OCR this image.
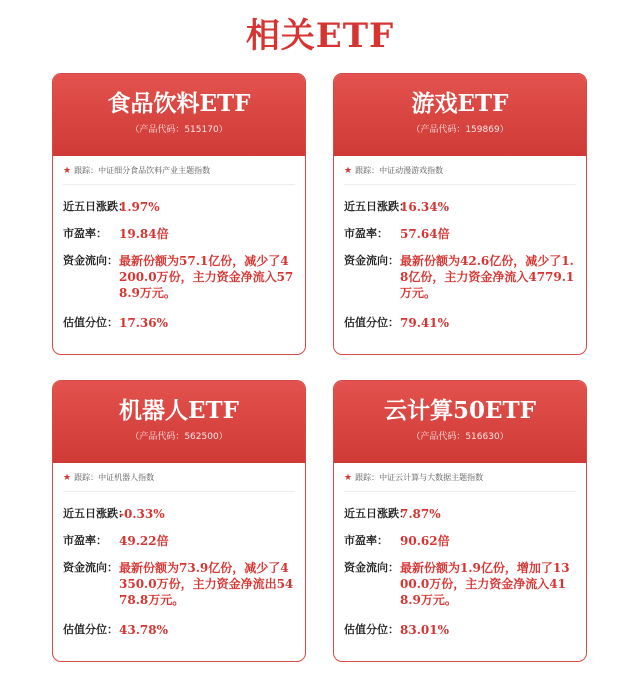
相关ETF
食品饮料ETF
（产品代码：515170）
★ 跟踪：中证细分食品饮料产业主题指数
近五日涨跌：
1.97%
市盈率：	19.84倍
资金流向： 最新份额为57.1亿份，减少了4200.0万份，主力资金净流入578.9万元。
估值分位： 17.36%
游戏ETF
（产品代码：159869）
★ 跟踪：中证动漫游戏指数
近五日涨跌：
16.34%
市盈率：	57.64倍
资金流向： 最新份额为42.6亿份，减少了1.8亿份，主力资金净流入4779.1万元。
估值分位： 79.41%
机器人ETF
（产品代码：562500）
★ 跟踪：中证机器人指数
近五日涨跌：
-0.33%
市盈率：	49.22倍
资金流向： 最新份额为73.9亿份，减少了4350.0万份，主力资金净流出5478.8万元。
估值分位： 43.78%
云计算50ETF
（产品代码：516630）
★ 跟踪：中证云计算与大数据主题指数
近五日涨跌：
7.87%
市盈率：	90.62倍
资金流向： 最新份额为1.9亿份，增加了1300.0万份，主力资金净流入418.9万元。
估值分位： 83.01%
